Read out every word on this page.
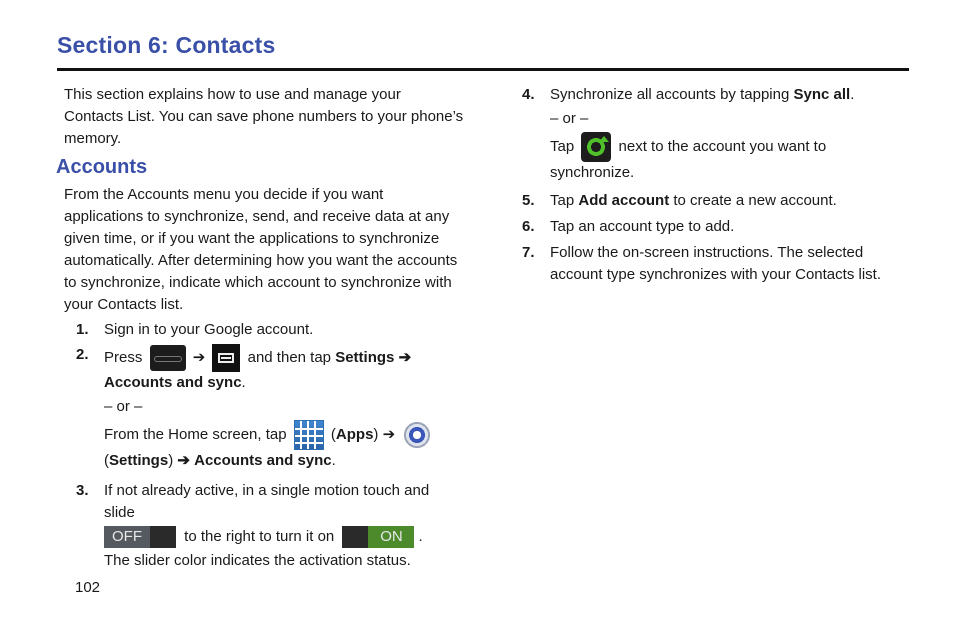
Section 6: Contacts

This section explains how to use and manage your Contacts List. You can save phone numbers to your phone’s memory.

Accounts

From the Accounts menu you decide if you want applications to synchronize, send, and receive data at any given time, or if you want the applications to synchronize automatically. After determining how you want the accounts to synchronize, indicate which account to synchronize with your Contacts list.

1. Sign in to your Google account.
2. Press	➔	and then tap Settings ➔
Accounts and sync.
– or –
From the Home screen, tap	(Apps) ➔
(Settings) ➔ Accounts and sync.
3. If not already active, in a single motion touch and slide
OFF	to the right to turn it on	ON	.
The slider color indicates the activation status.
4. Synchronize all accounts by tapping Sync all.
– or –
Tap	next to the account you want to synchronize.
5. Tap Add account to create a new account.
6. Tap an account type to add.
7. Follow the on-screen instructions. The selected account type synchronizes with your Contacts list.
102
